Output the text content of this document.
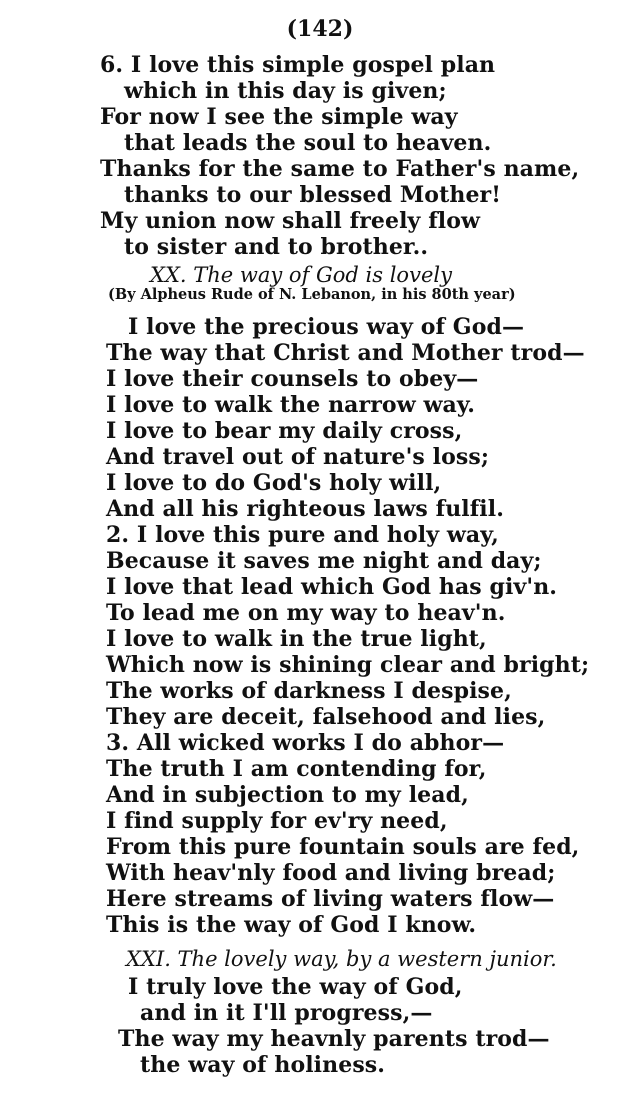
(142)
6. I love this simple gospel plan
which in this day is given;
For now I see the simple way
that leads the soul to heaven.
Thanks for the same to Father's name,
thanks to our blessed Mother!
My union now shall freely flow
to sister and to brother..
XX. The way of God is lovely
(By Alpheus Rude of N. Lebanon, in his 80th year)
I love the precious way of God—
The way that Christ and Mother trod—
I love their counsels to obey—
I love to walk the narrow way.
I love to bear my daily cross,
And travel out of nature's loss;
I love to do God's holy will,
And all his righteous laws fulfil.
2. I love this pure and holy way,
Because it saves me night and day;
I love that lead which God has giv'n.
To lead me on my way to heav'n.
I love to walk in the true light,
Which now is shining clear and bright;
The works of darkness I despise,
They are deceit, falsehood and lies,
3. All wicked works I do abhor—
The truth I am contending for,
And in subjection to my lead,
I find supply for ev'ry need,
From this pure fountain souls are fed,
With heav'nly food and living bread;
Here streams of living waters flow—
This is the way of God I know.
XXI. The lovely way, by a western junior.
I truly love the way of God,
and in it I'll progress,—
The way my heavnly parents trod—
the way of holiness.
